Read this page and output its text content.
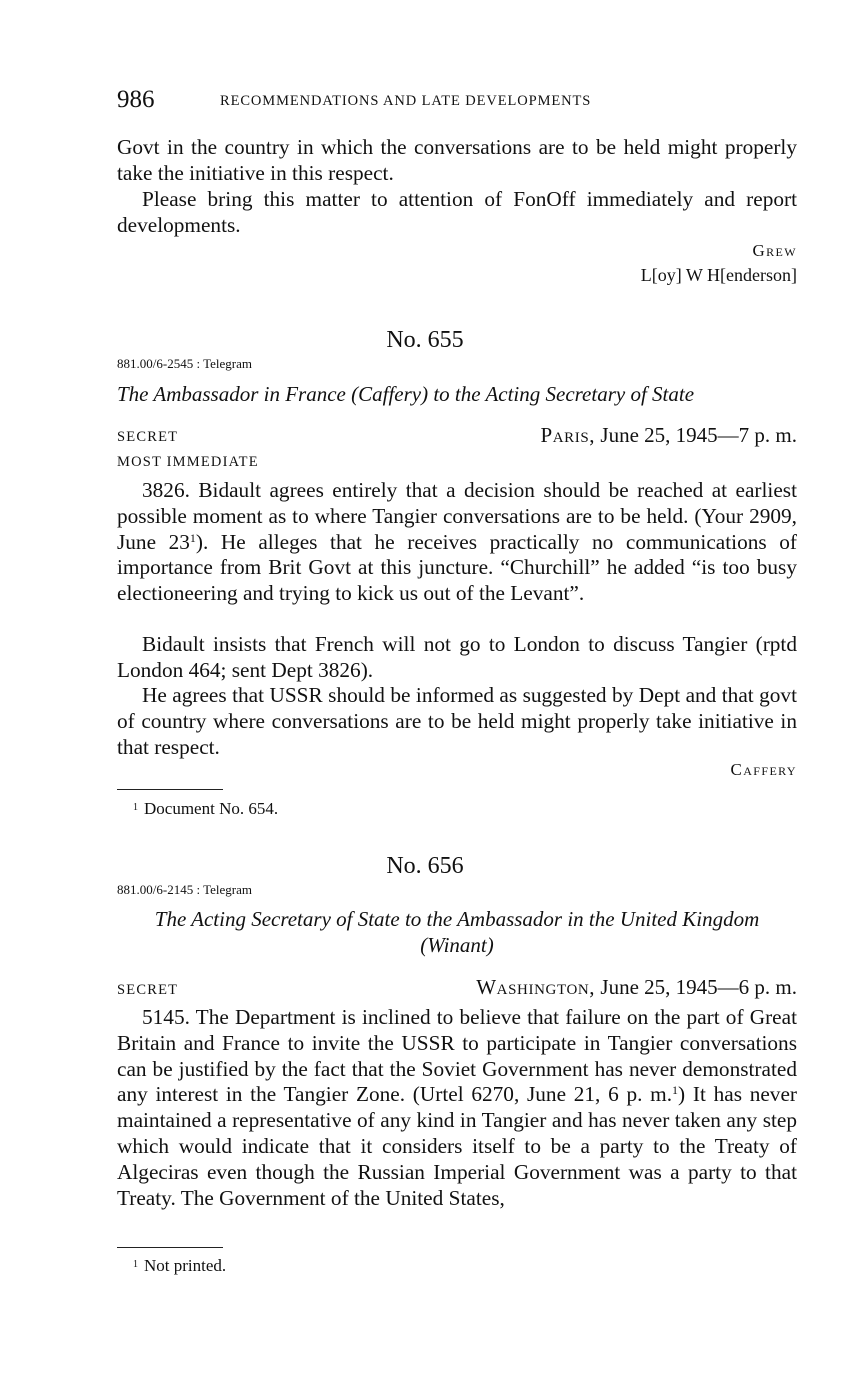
986	RECOMMENDATIONS AND LATE DEVELOPMENTS
Govt in the country in which the conversations are to be held might properly take the initiative in this respect.
Please bring this matter to attention of FonOff immediately and report developments.
Grew
L[oy] W H[enderson]
No. 655
881.00/6-2545 : Telegram
The Ambassador in France (Caffery) to the Acting Secretary of State
SECRET	Paris, June 25, 1945—7 p. m.
MOST IMMEDIATE
3826. Bidault agrees entirely that a decision should be reached at earliest possible moment as to where Tangier conversations are to be held. (Your 2909, June 23$^1$). He alleges that he receives practically no communications of importance from Brit Govt at this juncture. “Churchill” he added “is too busy electioneering and trying to kick us out of the Levant”.
Bidault insists that French will not go to London to discuss Tangier (rptd London 464; sent Dept 3826).
He agrees that USSR should be informed as suggested by Dept and that govt of country where conversations are to be held might properly take initiative in that respect.
Caffery
$^1$ Document No. 654.
No. 656
881.00/6-2145 : Telegram
The Acting Secretary of State to the Ambassador in the United Kingdom
(Winant)
SECRET	Washington, June 25, 1945—6 p. m.
5145. The Department is inclined to believe that failure on the part of Great Britain and France to invite the USSR to participate in Tangier conversations can be justified by the fact that the Soviet Government has never demonstrated any interest in the Tangier Zone. (Urtel 6270, June 21, 6 p. m.$^1$) It has never maintained a representative of any kind in Tangier and has never taken any step which would indicate that it considers itself to be a party to the Treaty of Algeciras even though the Russian Imperial Government was a party to that Treaty. The Government of the United States,
$^1$ Not printed.
